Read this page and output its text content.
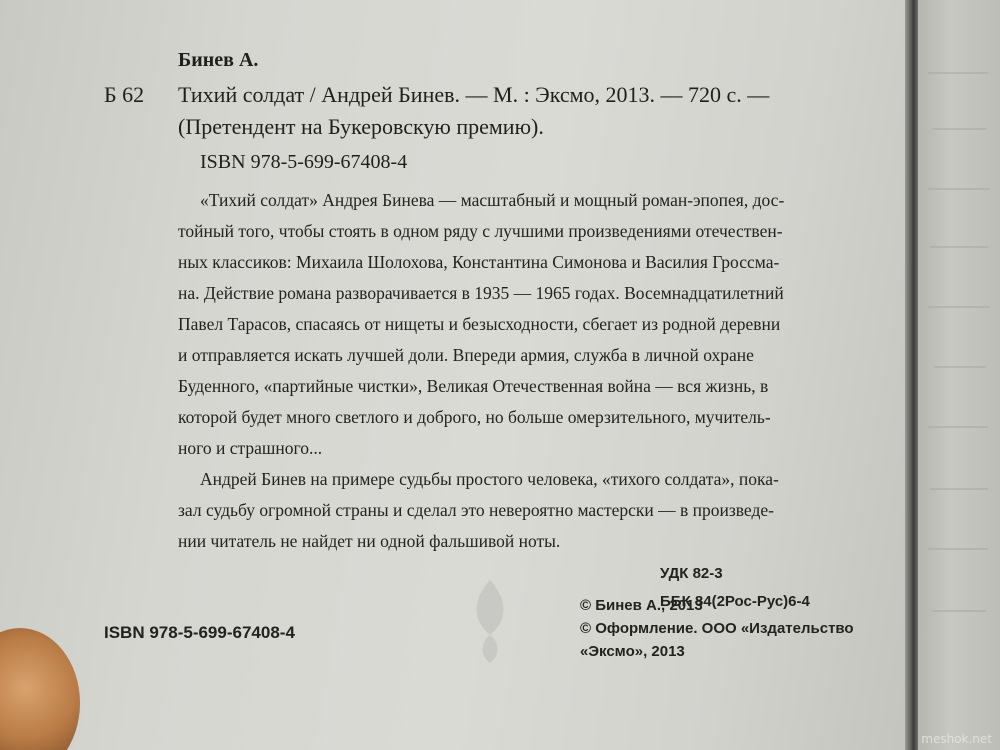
Бинев А.
Б 62 Тихий солдат / Андрей Бинев. — М. : Эксмо, 2013. — 720 с. —
(Претендент на Букеровскую премию).
ISBN 978-5-699-67408-4
«Тихий солдат» Андрея Бинева — масштабный и мощный роман-эпопея, дос-
тойный того, чтобы стоять в одном ряду с лучшими произведениями отечествен-
ных классиков: Михаила Шолохова, Константина Симонова и Василия Гроссма-
на. Действие романа разворачивается в 1935 — 1965 годах. Восемнадцатилетний
Павел Тарасов, спасаясь от нищеты и безысходности, сбегает из родной деревни
и отправляется искать лучшей доли. Впереди армия, служба в личной охране
Буденного, «партийные чистки», Великая Отечественная война — вся жизнь, в
которой будет много светлого и доброго, но больше омерзительного, мучитель-
ного и страшного...
Андрей Бинев на примере судьбы простого человека, «тихого солдата», пока-
зал судьбу огромной страны и сделал это невероятно мастерски — в произведе-
нии читатель не найдет ни одной фальшивой ноты.
УДК 82-3
ББК 84(2Рос-Рус)6-4
ISBN 978-5-699-67408-4
© Бинев А., 2013
© Оформление. ООО «Издательство
«Эксмо», 2013
meshok.net
